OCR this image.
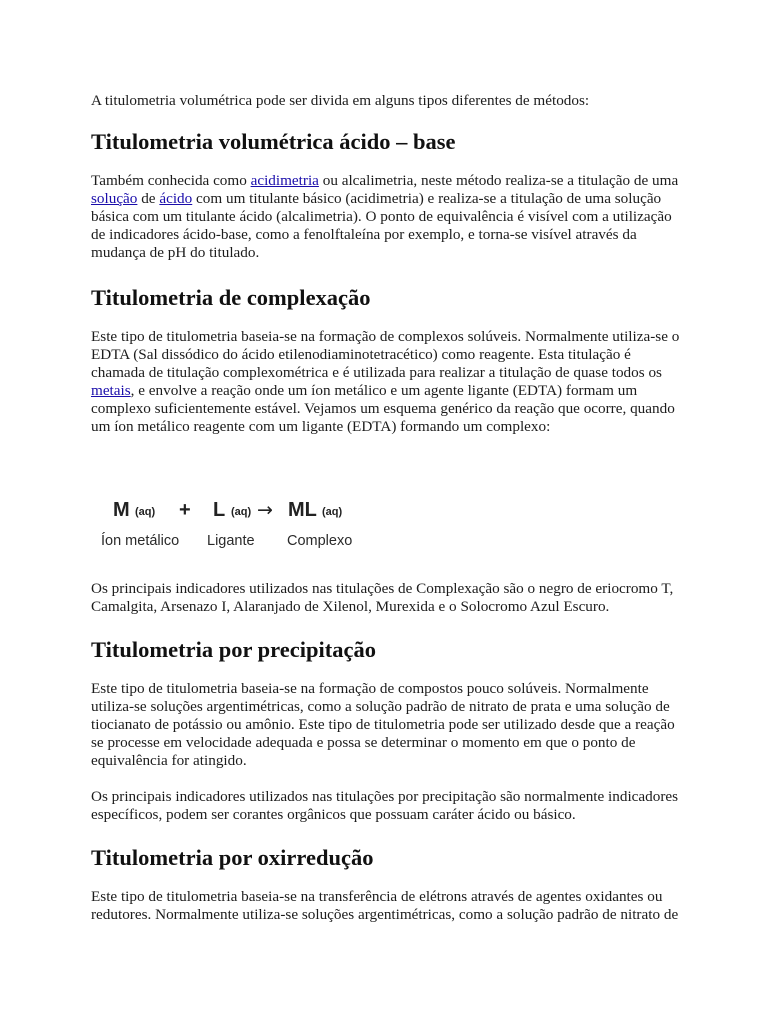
A titulometria volumétrica pode ser divida em alguns tipos diferentes de métodos:

Titulometria volumétrica ácido – base

Também conhecida como acidimetria ou alcalimetria, neste método realiza-se a titulação de uma solução de ácido com um titulante básico (acidimetria) e realiza-se a titulação de uma solução básica com um titulante ácido (alcalimetria). O ponto de equivalência é visível com a utilização de indicadores ácido-base, como a fenolftaleína por exemplo, e torna-se visível através da mudança de pH do titulado.

Titulometria de complexação

Este tipo de titulometria baseia-se na formação de complexos solúveis. Normalmente utiliza-se o EDTA (Sal dissódico do ácido etilenodiaminotetracético) como reagente. Esta titulação é chamada de titulação complexométrica e é utilizada para realizar a titulação de quase todos os metais, e envolve a reação onde um íon metálico e um agente ligante (EDTA) formam um complexo suficientemente estável. Vejamos um esquema genérico da reação que ocorre, quando um íon metálico reagente com um ligante (EDTA) formando um complexo:

M (aq) + L (aq) → ML (aq)
Íon metálico Ligante Complexo

Os principais indicadores utilizados nas titulações de Complexação são o negro de eriocromo T, Camalgita, Arsenazo I, Alaranjado de Xilenol, Murexida e o Solocromo Azul Escuro.

Titulometria por precipitação

Este tipo de titulometria baseia-se na formação de compostos pouco solúveis. Normalmente utiliza-se soluções argentimétricas, como a solução padrão de nitrato de prata e uma solução de tiocianato de potássio ou amônio. Este tipo de titulometria pode ser utilizado desde que a reação se processe em velocidade adequada e possa se determinar o momento em que o ponto de equivalência for atingido.

Os principais indicadores utilizados nas titulações por precipitação são normalmente indicadores específicos, podem ser corantes orgânicos que possuam caráter ácido ou básico.

Titulometria por oxirredução

Este tipo de titulometria baseia-se na transferência de elétrons através de agentes oxidantes ou redutores. Normalmente utiliza-se soluções argentimétricas, como a solução padrão de nitrato de
